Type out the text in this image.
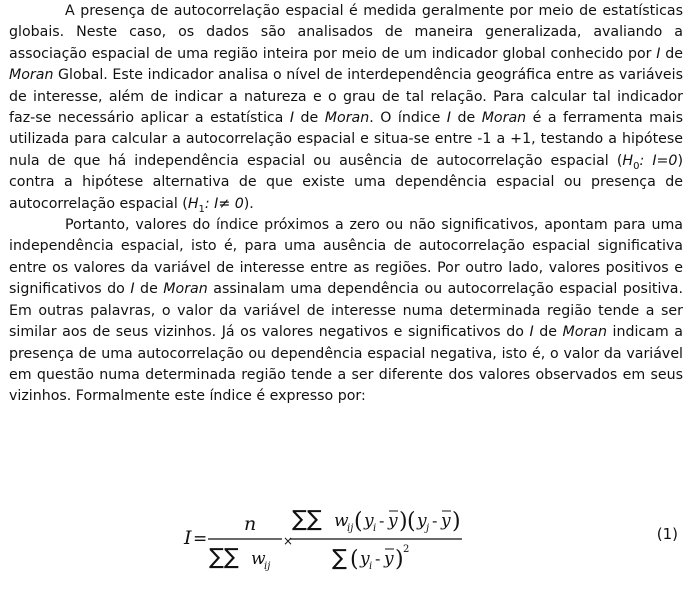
A presença de autocorrelação espacial é medida geralmente por meio de estatísticas globais. Neste caso, os dados são analisados de maneira generalizada, avaliando a associação espacial de uma região inteira por meio de um indicador global conhecido por I de Moran Global. Este indicador analisa o nível de interdependência geográfica entre as variáveis de interesse, além de indicar a natureza e o grau de tal relação. Para calcular tal indicador faz-se necessário aplicar a estatística I de Moran. O índice I de Moran é a ferramenta mais utilizada para calcular a autocorrelação espacial e situa-se entre -1 a +1, testando a hipótese nula de que há independência espacial ou ausência de autocorrelação espacial ($H_0$: I=0) contra a hipótese alternativa de que existe uma dependência espacial ou presença de autocorrelação espacial ($H_1$: I≠ 0).

Portanto, valores do índice próximos a zero ou não significativos, apontam para uma independência espacial, isto é, para uma ausência de autocorrelação espacial significativa entre os valores da variável de interesse entre as regiões. Por outro lado, valores positivos e significativos do I de Moran assinalam uma dependência ou autocorrelação espacial positiva. Em outras palavras, o valor da variável de interesse numa determinada região tende a ser similar aos de seus vizinhos. Já os valores negativos e significativos do I de Moran indicam a presença de uma autocorrelação ou dependência espacial negativa, isto é, o valor da variável em questão numa determinada região tende a ser diferente dos valores observados em seus vizinhos. Formalmente este índice é expresso por:

I =
n
∑∑ w
ij
×
∑∑ w
ij ( y i - y ) ( y j - y )
∑ ( y i - y ) 2
(1)
